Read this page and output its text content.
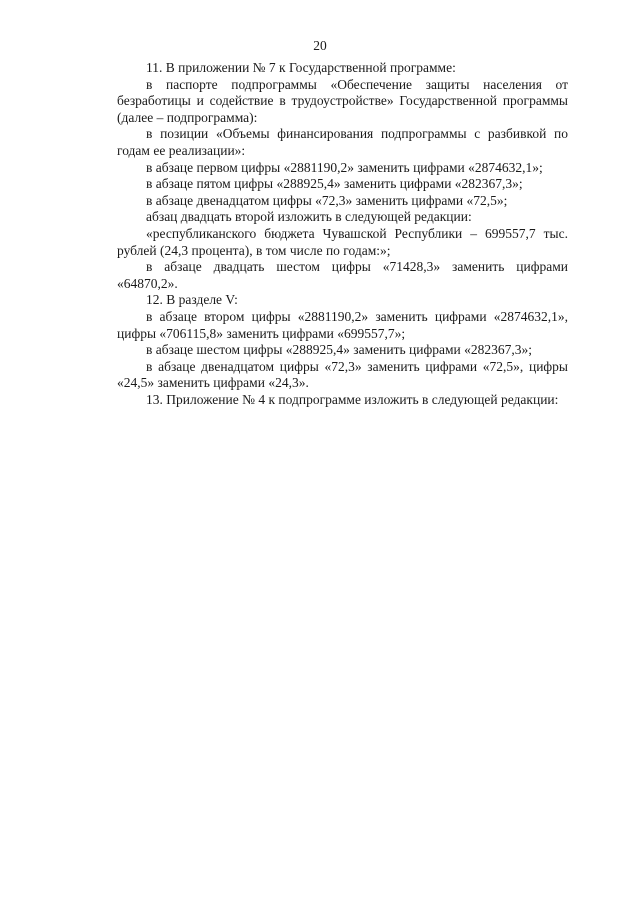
20

11. В приложении № 7 к Государственной программе:

в паспорте подпрограммы «Обеспечение защиты населения от безработицы и содействие в трудоустройстве» Государственной программы (далее – подпрограмма):

в позиции «Объемы финансирования подпрограммы с разбивкой по годам ее реализации»:

в абзаце первом цифры «2881190,2» заменить цифрами «2874632,1»;

в абзаце пятом цифры «288925,4» заменить цифрами «282367,3»;

в абзаце двенадцатом цифры «72,3» заменить цифрами «72,5»;

абзац двадцать второй изложить в следующей редакции:

«республиканского бюджета Чувашской Республики – 699557,7 тыс. рублей (24,3 процента), в том числе по годам:»;

в абзаце двадцать шестом цифры «71428,3» заменить цифрами «64870,2».

12. В разделе V:

в абзаце втором цифры «2881190,2» заменить цифрами «2874632,1», цифры «706115,8» заменить цифрами «699557,7»;

в абзаце шестом цифры «288925,4» заменить цифрами «282367,3»;

в абзаце двенадцатом цифры «72,3» заменить цифрами «72,5», цифры «24,5» заменить цифрами «24,3».

13. Приложение № 4 к подпрограмме изложить в следующей редакции:
